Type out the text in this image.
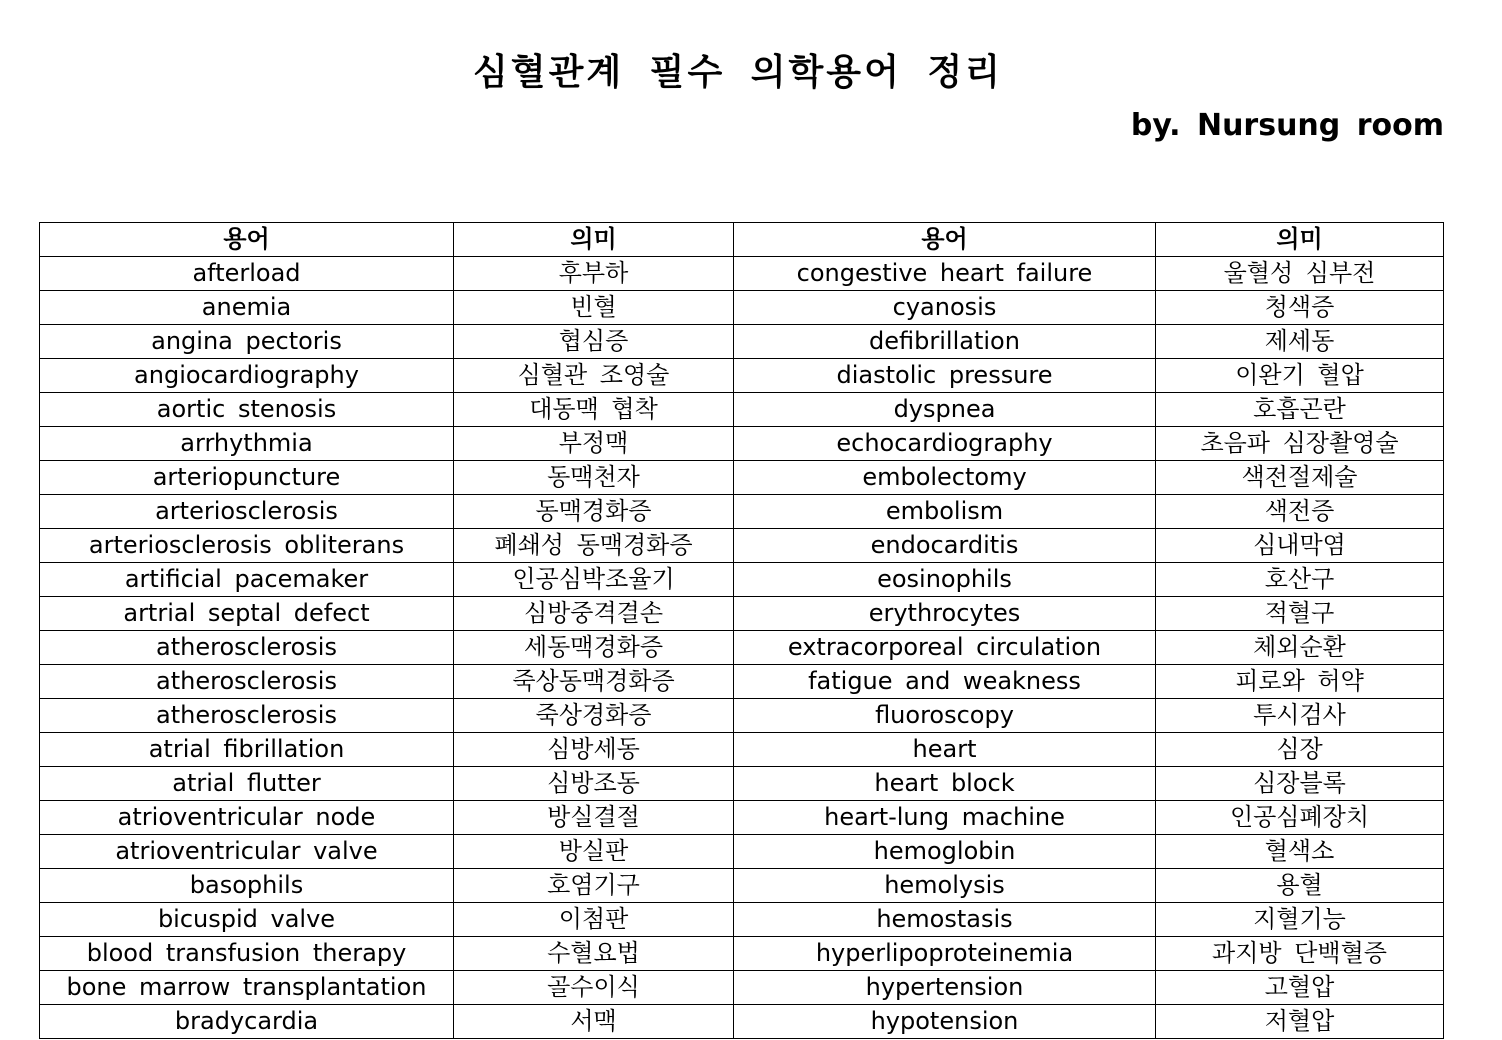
심혈관계 필수 의학용어 정리
by. Nursung room
용어	의미	용어	의미
afterload	후부하	congestive heart failure	울혈성 심부전
anemia	빈혈	cyanosis	청색증
angina pectoris	협심증	defibrillation	제세동
angiocardiography	심혈관 조영술	diastolic pressure	이완기 혈압
aortic stenosis	대동맥 협착	dyspnea	호흡곤란
arrhythmia	부정맥	echocardiography	초음파 심장촬영술
arteriopuncture	동맥천자	embolectomy	색전절제술
arteriosclerosis	동맥경화증	embolism	색전증
arteriosclerosis obliterans	폐쇄성 동맥경화증	endocarditis	심내막염
artificial pacemaker	인공심박조율기	eosinophils	호산구
artrial septal defect	심방중격결손	erythrocytes	적혈구
atherosclerosis	세동맥경화증	extracorporeal circulation	체외순환
atherosclerosis	죽상동맥경화증	fatigue and weakness	피로와 허약
atherosclerosis	죽상경화증	fluoroscopy	투시검사
atrial fibrillation	심방세동	heart	심장
atrial flutter	심방조동	heart block	심장블록
atrioventricular node	방실결절	heart-lung machine	인공심폐장치
atrioventricular valve	방실판	hemoglobin	혈색소
basophils	호염기구	hemolysis	용혈
bicuspid valve	이첨판	hemostasis	지혈기능
blood transfusion therapy	수혈요법	hyperlipoproteinemia	과지방 단백혈증
bone marrow transplantation	골수이식	hypertension	고혈압
bradycardia	서맥	hypotension	저혈압
